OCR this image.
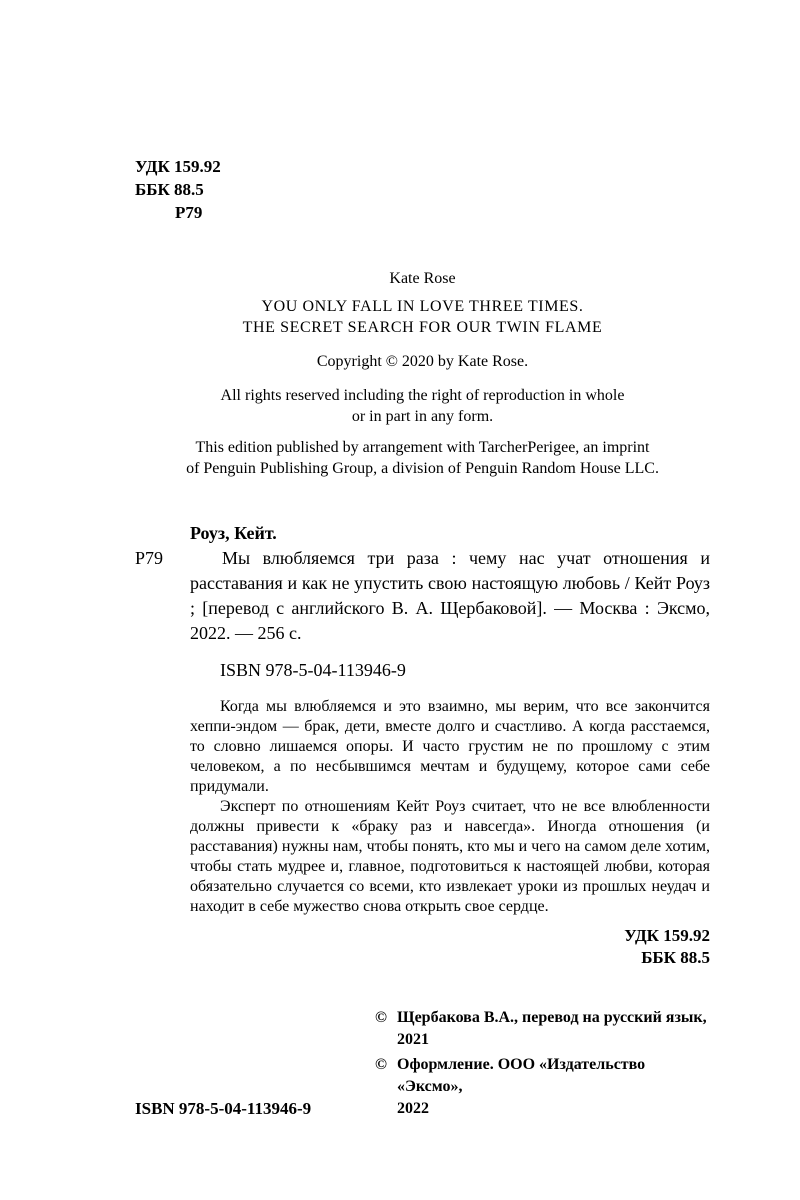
УДК 159.92
ББК 88.5
Р79
Kate Rose
YOU ONLY FALL IN LOVE THREE TIMES.
THE SECRET SEARCH FOR OUR TWIN FLAME
Copyright © 2020 by Kate Rose.
All rights reserved including the right of reproduction in whole
or in part in any form.
This edition published by arrangement with TarcherPerigee, an imprint
of Penguin Publishing Group, a division of Penguin Random House LLC.
Роуз, Кейт.
Р79	Мы влюбляемся три раза : чему нас учат отношения и расставания и как не упустить свою настоящую любовь / Кейт Роуз ; [перевод с английского В. А. Щербаковой]. — Москва : Эксмо, 2022. — 256 с.

ISBN 978-5-04-113946-9

Когда мы влюбляемся и это взаимно, мы верим, что все закончится хеппи-эндом — брак, дети, вместе долго и счастливо. А когда расстаемся, то словно лишаемся опоры. И часто грустим не по прошлому с этим человеком, а по несбывшимся мечтам и будущему, которое сами себе придумали.

Эксперт по отношениям Кейт Роуз считает, что не все влюбленности должны привести к «браку раз и навсегда». Иногда отношения (и расставания) нужны нам, чтобы понять, кто мы и чего на самом деле хотим, чтобы стать мудрее и, главное, подготовиться к настоящей любви, которая обязательно случается со всеми, кто извлекает уроки из прошлых неудач и находит в себе мужество снова открыть свое сердце.

УДК 159.92
ББК 88.5
© Щербакова В.А., перевод на русский язык,
2021
© Оформление. ООО «Издательство «Эксмо»,
2022
ISBN 978-5-04-113946-9
